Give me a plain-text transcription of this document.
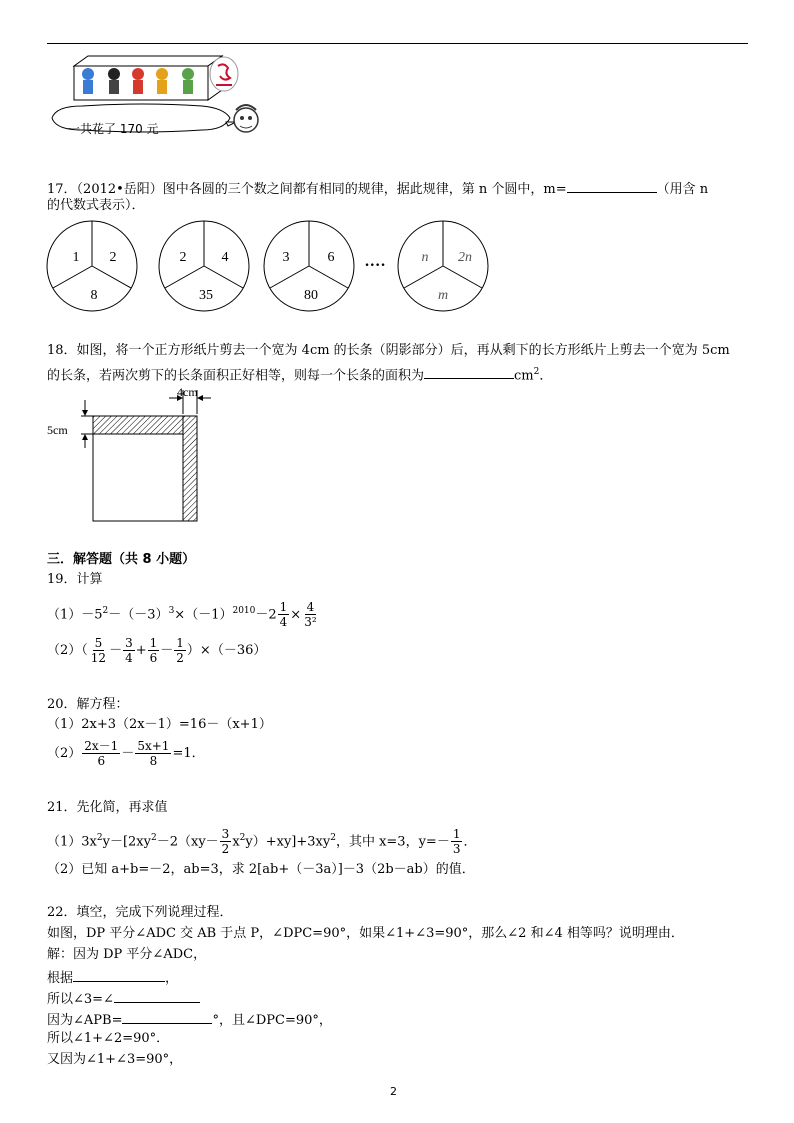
一共花了 170 元
17．（2012•岳阳）图中各圆的三个数之间都有相同的规律，据此规律，第 n 个圆中，m=	（用含 n
的代数式表示）．
1 2
8
2	4
35
3	6
80
····	n 2n
m
18．如图，将一个正方形纸片剪去一个宽为 4cm 的长条（阴影部分）后，再从剩下的长方形纸片上剪去一个宽为 5cm
的长条，若两次剪下的长条面积正好相等，则每一个长条的面积为	$cm^2$．
4cm
5cm
三．解答题（共 8 小题）
19．计算
$(1)-5^2-(-3)^3\times(-1)^{2010}-2 \frac{1}{4} \times \frac{4}{\text{3²}}$
$(2)( \frac{5}{12} - \frac{3}{4} + \frac{1}{6} - \frac{1}{2} )\times(-36)$
20．解方程：
（1）2x+3（2x－1）=16－（x+1）
$(2) \frac{2x-1}{6} - \frac{5x+1}{8} =1$．
21．先化简，再求值
$(1)3x^2y-[2xy^2-2(xy- \frac{3}{2} x^2y)+xy]+3xy^2$，其中 x=3，$y=- \frac{1}{3}$ ．
（2）已知 a+b=－2，ab=3，求 2[ab+（－3a）]－3（2b－ab）的值．
22．填空，完成下列说理过程．
如图，DP 平分∠ADC 交 AB 于点 P，∠DPC=90°，如果∠1+∠3=90°，那么∠2 和∠4 相等吗？说明理由．
解：因为 DP 平分∠ADC，
根据	，
所以∠3=∠
因为∠APB=	°，且∠DPC=90°，
所以∠1+∠2=90°．
又因为∠1+∠3=90°，
2
